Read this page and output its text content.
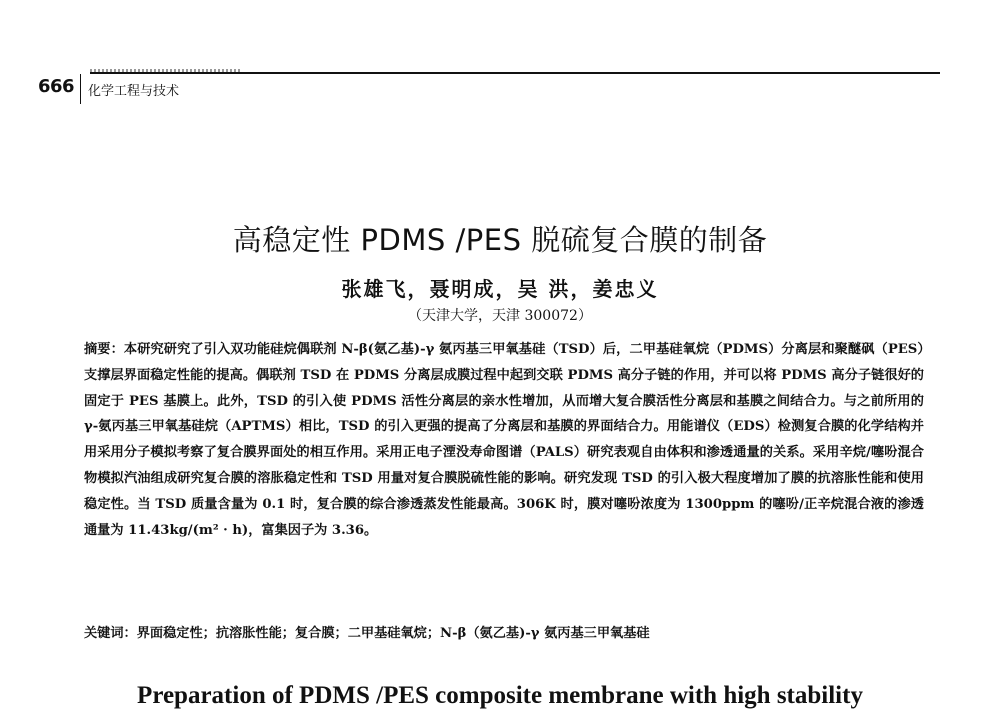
666 化学工程与技术
高稳定性 PDMS /PES 脱硫复合膜的制备
张雄飞，聂明成，吴 洪，姜忠义
（天津大学，天津 300072）
摘要：本研究研究了引入双功能硅烷偶联剂 N-β(氨乙基)-γ 氨丙基三甲氧基硅（TSD）后，二甲基硅氧烷（PDMS）分离层和聚醚砜（PES）支撑层界面稳定性能的提高。偶联剂 TSD 在 PDMS 分离层成膜过程中起到交联 PDMS 高分子链的作用，并可以将 PDMS 高分子链很好的固定于 PES 基膜上。此外，TSD 的引入使 PDMS 活性分离层的亲水性增加，从而增大复合膜活性分离层和基膜之间结合力。与之前所用的 γ-氨丙基三甲氧基硅烷（APTMS）相比，TSD 的引入更强的提高了分离层和基膜的界面结合力。用能谱仪（EDS）检测复合膜的化学结构并用采用分子模拟考察了复合膜界面处的相互作用。采用正电子湮没寿命图谱（PALS）研究表观自由体积和渗透通量的关系。采用辛烷/噻吩混合物模拟汽油组成研究复合膜的溶胀稳定性和 TSD 用量对复合膜脱硫性能的影响。研究发现 TSD 的引入极大程度增加了膜的抗溶胀性能和使用稳定性。当 TSD 质量含量为 0.1 时，复合膜的综合渗透蒸发性能最高。306K 时，膜对噻吩浓度为 1300ppm 的噻吩/正辛烷混合液的渗透通量为 11.43kg/(m² · h)，富集因子为 3.36。
关键词：界面稳定性；抗溶胀性能；复合膜；二甲基硅氧烷；N-β（氨乙基)-γ 氨丙基三甲氧基硅
Preparation of PDMS /PES composite membrane with high stability
